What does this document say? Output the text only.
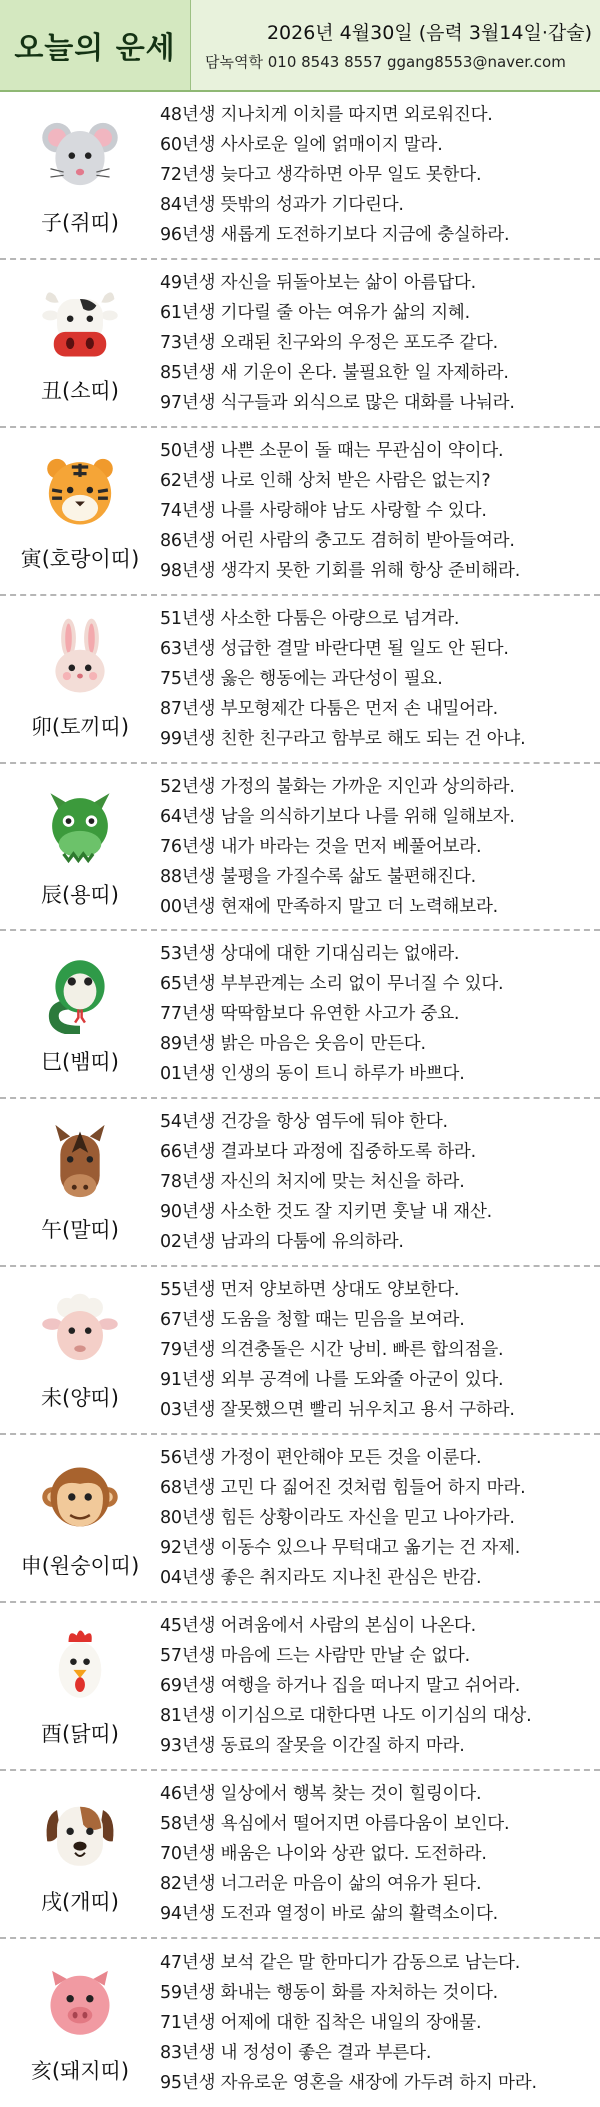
오늘의 운세	2026년 4월30일 (음력 3월14일·갑술)
담녹역학 010 8543 8557 ggang8553@naver.com
子(쥐띠)
48년생 지나치게 이치를 따지면 외로워진다.
60년생 사사로운 일에 얽매이지 말라.
72년생 늦다고 생각하면 아무 일도 못한다.
84년생 뜻밖의 성과가 기다린다.
96년생 새롭게 도전하기보다 지금에 충실하라.
丑(소띠)
49년생 자신을 뒤돌아보는 삶이 아름답다.
61년생 기다릴 줄 아는 여유가 삶의 지혜.
73년생 오래된 친구와의 우정은 포도주 같다.
85년생 새 기운이 온다. 불필요한 일 자제하라.
97년생 식구들과 외식으로 많은 대화를 나눠라.
寅(호랑이띠)
50년생 나쁜 소문이 돌 때는 무관심이 약이다.
62년생 나로 인해 상처 받은 사람은 없는지?
74년생 나를 사랑해야 남도 사랑할 수 있다.
86년생 어린 사람의 충고도 겸허히 받아들여라.
98년생 생각지 못한 기회를 위해 항상 준비해라.
卯(토끼띠)
51년생 사소한 다툼은 아량으로 넘겨라.
63년생 성급한 결말 바란다면 될 일도 안 된다.
75년생 옳은 행동에는 과단성이 필요.
87년생 부모형제간 다툼은 먼저 손 내밀어라.
99년생 친한 친구라고 함부로 해도 되는 건 아냐.
辰(용띠)
52년생 가정의 불화는 가까운 지인과 상의하라.
64년생 남을 의식하기보다 나를 위해 일해보자.
76년생 내가 바라는 것을 먼저 베풀어보라.
88년생 불평을 가질수록 삶도 불편해진다.
00년생 현재에 만족하지 말고 더 노력해보라.
巳(뱀띠)
53년생 상대에 대한 기대심리는 없애라.
65년생 부부관계는 소리 없이 무너질 수 있다.
77년생 딱딱함보다 유연한 사고가 중요.
89년생 밝은 마음은 웃음이 만든다.
01년생 인생의 동이 트니 하루가 바쁘다.
午(말띠)
54년생 건강을 항상 염두에 둬야 한다.
66년생 결과보다 과정에 집중하도록 하라.
78년생 자신의 처지에 맞는 처신을 하라.
90년생 사소한 것도 잘 지키면 훗날 내 재산.
02년생 남과의 다툼에 유의하라.
未(양띠)
55년생 먼저 양보하면 상대도 양보한다.
67년생 도움을 청할 때는 믿음을 보여라.
79년생 의견충돌은 시간 낭비. 빠른 합의점을.
91년생 외부 공격에 나를 도와줄 아군이 있다.
03년생 잘못했으면 빨리 뉘우치고 용서 구하라.
申(원숭이띠)
56년생 가정이 편안해야 모든 것을 이룬다.
68년생 고민 다 짊어진 것처럼 힘들어 하지 마라.
80년생 힘든 상황이라도 자신을 믿고 나아가라.
92년생 이동수 있으나 무턱대고 옮기는 건 자제.
04년생 좋은 취지라도 지나친 관심은 반감.
酉(닭띠)
45년생 어려움에서 사람의 본심이 나온다.
57년생 마음에 드는 사람만 만날 순 없다.
69년생 여행을 하거나 집을 떠나지 말고 쉬어라.
81년생 이기심으로 대한다면 나도 이기심의 대상.
93년생 동료의 잘못을 이간질 하지 마라.
戌(개띠)
46년생 일상에서 행복 찾는 것이 힐링이다.
58년생 욕심에서 떨어지면 아름다움이 보인다.
70년생 배움은 나이와 상관 없다. 도전하라.
82년생 너그러운 마음이 삶의 여유가 된다.
94년생 도전과 열정이 바로 삶의 활력소이다.
亥(돼지띠)
47년생 보석 같은 말 한마디가 감동으로 남는다.
59년생 화내는 행동이 화를 자처하는 것이다.
71년생 어제에 대한 집착은 내일의 장애물.
83년생 내 정성이 좋은 결과 부른다.
95년생 자유로운 영혼을 새장에 가두려 하지 마라.
